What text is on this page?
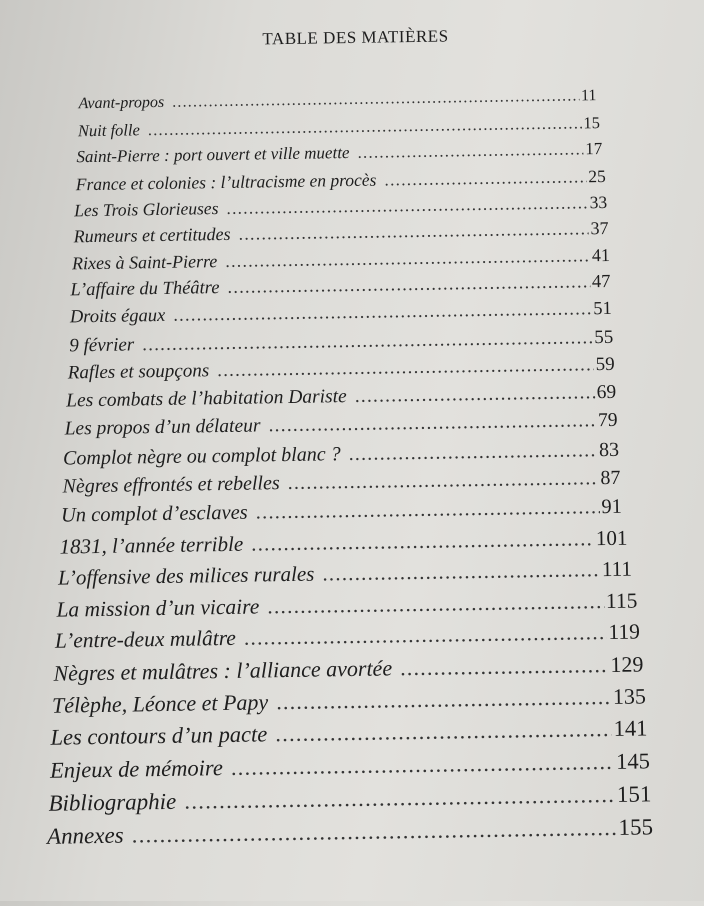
TABLE DES MATIÈRES
Avant-propos .....	11
Nuit folle .....	15
Saint-Pierre : port ouvert et ville muette .....	17
France et colonies : l’ultracisme en procès .....	25
Les Trois Glorieuses .....	33
Rumeurs et certitudes .....	37
Rixes à Saint-Pierre .....	41
L’affaire du Théâtre .....	47
Droits égaux .....	51
9 février .....	55
Rafles et soupçons .....	59
Les combats de l’habitation Dariste .....	69
Les propos d’un délateur .....	79
Complot nègre ou complot blanc ? .....	83
Nègres effrontés et rebelles .....	87
Un complot d’esclaves .....	91
1831, l’année terrible .....	101
L’offensive des milices rurales .....	111
La mission d’un vicaire .....	115
L’entre-deux mulâtre .....	119
Nègres et mulâtres : l’alliance avortée .....	129
Télèphe, Léonce et Papy .....	135
Les contours d’un pacte .....	141
Enjeux de mémoire .....	145
Bibliographie .....	151
Annexes .....	155
